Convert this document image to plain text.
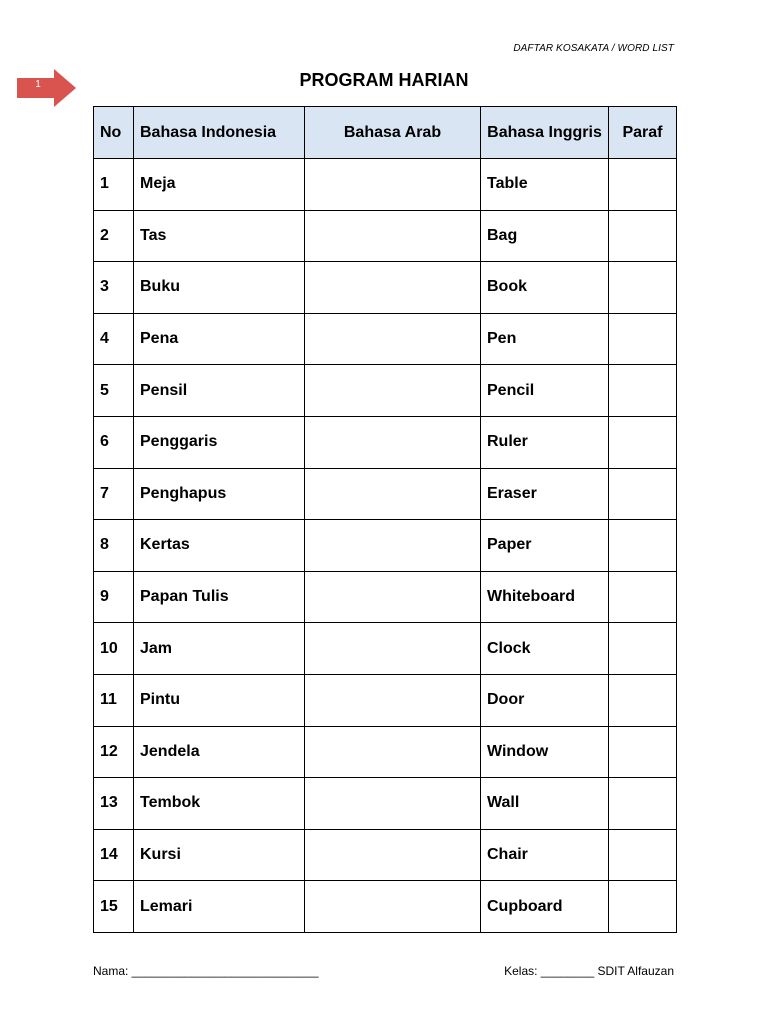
DAFTAR KOSAKATA / WORD LIST
1	PROGRAM HARIAN
No	Bahasa Indonesia	Bahasa Arab	Bahasa Inggris	Paraf
1	Meja		Table	
2	Tas		Bag	
3	Buku		Book	
4	Pena		Pen	
5	Pensil		Pencil	
6	Penggaris		Ruler	
7	Penghapus		Eraser	
8	Kertas		Paper	
9	Papan Tulis		Whiteboard	
10	Jam		Clock	
11	Pintu		Door	
12	Jendela		Window	
13	Tembok		Wall	
14	Kursi		Chair	
15	Lemari		Cupboard	
Nama: ____________________________	Kelas: ________ SDIT Alfauzan
